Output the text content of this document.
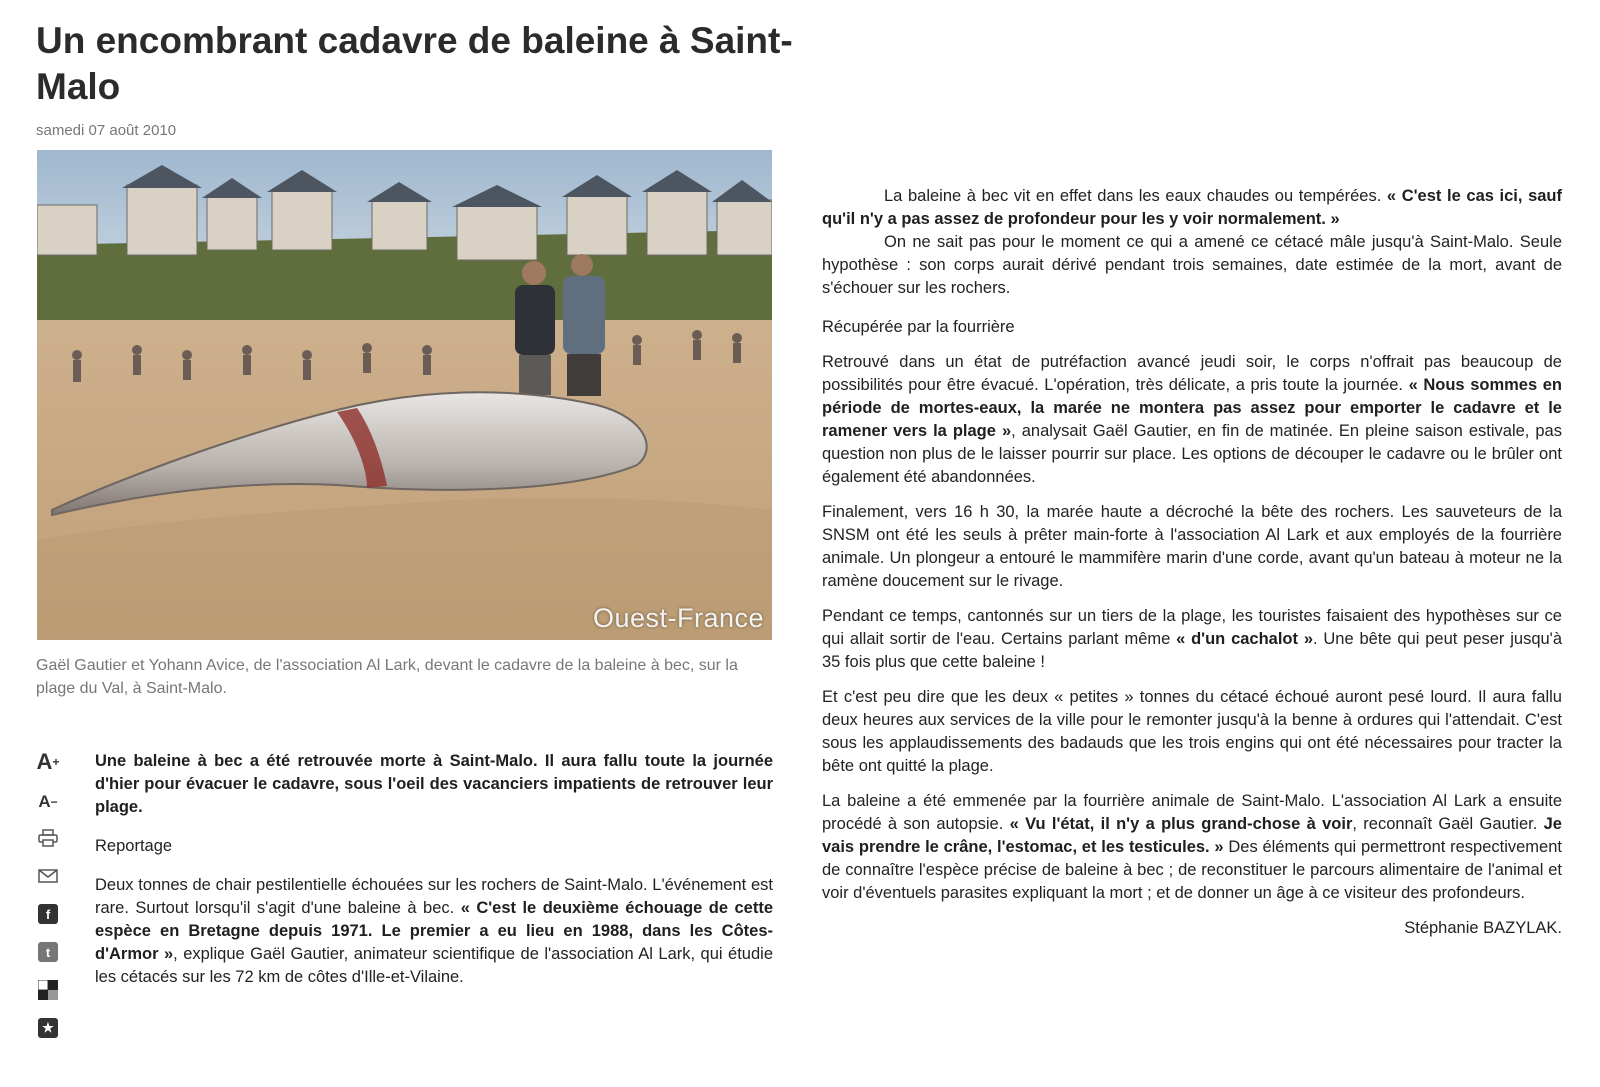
Un encombrant cadavre de baleine à Saint-Malo
samedi 07 août 2010
Ouest-France
Gaël Gautier et Yohann Avice, de l'association Al Lark, devant le cadavre de la baleine à bec, sur la plage du Val, à Saint-Malo.
A +
A −
f
t
★

Une baleine à bec a été retrouvée morte à Saint-Malo. Il aura fallu toute la journée d'hier pour évacuer le cadavre, sous l'oeil des vacanciers impatients de retrouver leur plage.

Reportage

Deux tonnes de chair pestilentielle échouées sur les rochers de Saint-Malo. L'événement est rare. Surtout lorsqu'il s'agit d'une baleine à bec. « C'est le deuxième échouage de cette espèce en Bretagne depuis 1971. Le premier a eu lieu en 1988, dans les Côtes-d'Armor », explique Gaël Gautier, animateur scientifique de l'association Al Lark, qui étudie les cétacés sur les 72 km de côtes d'Ille-et-Vilaine.

La baleine à bec vit en effet dans les eaux chaudes ou tempérées. « C'est le cas ici, sauf qu'il n'y a pas assez de profondeur pour les y voir normalement. »

On ne sait pas pour le moment ce qui a amené ce cétacé mâle jusqu'à Saint-Malo. Seule hypothèse : son corps aurait dérivé pendant trois semaines, date estimée de la mort, avant de s'échouer sur les rochers.

Récupérée par la fourrière

Retrouvé dans un état de putréfaction avancé jeudi soir, le corps n'offrait pas beaucoup de possibilités pour être évacué. L'opération, très délicate, a pris toute la journée. « Nous sommes en période de mortes-eaux, la marée ne montera pas assez pour emporter le cadavre et le ramener vers la plage », analysait Gaël Gautier, en fin de matinée. En pleine saison estivale, pas question non plus de le laisser pourrir sur place. Les options de découper le cadavre ou le brûler ont également été abandonnées.

Finalement, vers 16 h 30, la marée haute a décroché la bête des rochers. Les sauveteurs de la SNSM ont été les seuls à prêter main-forte à l'association Al Lark et aux employés de la fourrière animale. Un plongeur a entouré le mammifère marin d'une corde, avant qu'un bateau à moteur ne la ramène doucement sur le rivage.

Pendant ce temps, cantonnés sur un tiers de la plage, les touristes faisaient des hypothèses sur ce qui allait sortir de l'eau. Certains parlant même « d'un cachalot ». Une bête qui peut peser jusqu'à 35 fois plus que cette baleine !

Et c'est peu dire que les deux « petites » tonnes du cétacé échoué auront pesé lourd. Il aura fallu deux heures aux services de la ville pour le remonter jusqu'à la benne à ordures qui l'attendait. C'est sous les applaudissements des badauds que les trois engins qui ont été nécessaires pour tracter la bête ont quitté la plage.

La baleine a été emmenée par la fourrière animale de Saint-Malo. L'association Al Lark a ensuite procédé à son autopsie. « Vu l'état, il n'y a plus grand-chose à voir, reconnaît Gaël Gautier. Je vais prendre le crâne, l'estomac, et les testicules. » Des éléments qui permettront respectivement de connaître l'espèce précise de baleine à bec ; de reconstituer le parcours alimentaire de l'animal et voir d'éventuels parasites expliquant la mort ; et de donner un âge à ce visiteur des profondeurs.

Stéphanie BAZYLAK.
